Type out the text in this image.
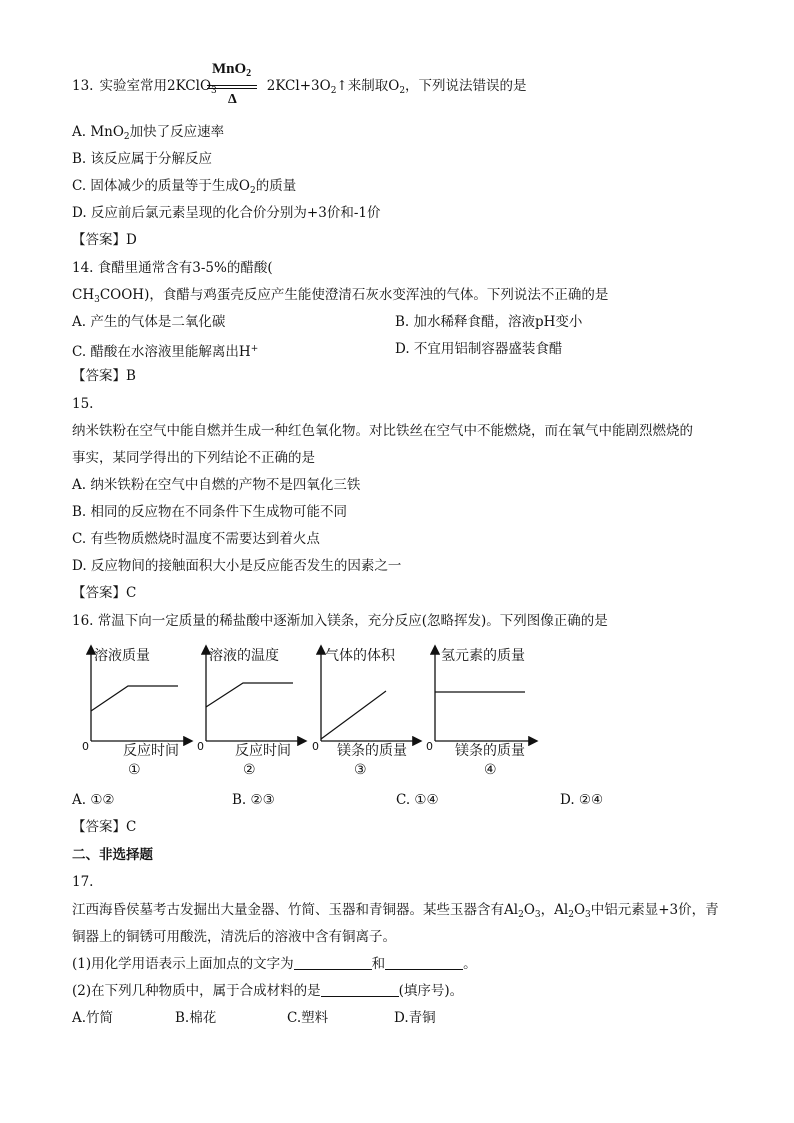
13. 实验室常用2KClO$_3$	$2KCl+3O_2↑$来制取$O_2$，下列说法错误的是
MnO$_2$
Δ
A. MnO$_2$加快了反应速率
B. 该反应属于分解反应
C. 固体减少的质量等于生成$O_2$的质量
D. 反应前后氯元素呈现的化合价分别为+3价和-1价
【答案】D
14. 食醋里通常含有3-5%的醋酸(
$CH_3COOH$)，食醋与鸡蛋壳反应产生能使澄清石灰水变浑浊的气体。下列说法不正确的是
A. 产生的气体是二氧化碳	B. 加水稀释食醋，溶液pH变小
C. 醋酸在水溶液里能解离出H+	D. 不宜用铝制容器盛装食醋
【答案】B
15.
纳米铁粉在空气中能自燃并生成一种红色氧化物。对比铁丝在空气中不能燃烧，而在氧气中能剧烈燃烧的
事实，某同学得出的下列结论不正确的是
A. 纳米铁粉在空气中自燃的产物不是四氧化三铁
B. 相同的反应物在不同条件下生成物可能不同
C. 有些物质燃烧时温度不需要达到着火点
D. 反应物间的接触面积大小是反应能否发生的因素之一
【答案】C
16. 常温下向一定质量的稀盐酸中逐渐加入镁条，充分反应(忽略挥发)。下列图像正确的是
溶液质量
反应时间
0
①
溶液的温度
反应时间
0
②
气体的体积
镁条的质量
0
③
氢元素的质量
镁条的质量
0
④
A. ①②	B. ②③	C. ①④	D. ②④
【答案】C
二、非选择题
17.
江西海昏侯墓考古发掘出大量金器、竹简、玉器和青铜器。某些玉器含有$Al_2O_3$，$Al_2O_3$中铝元素显+3价，青
铜器上的铜锈可用酸洗，清洗后的溶液中含有铜离子。
(1)用化学用语表示上面加点的文字为	和	。
(2)在下列几种物质中，属于合成材料的是	(填序号)。
A.竹简	B.棉花	C.塑料	D.青铜
